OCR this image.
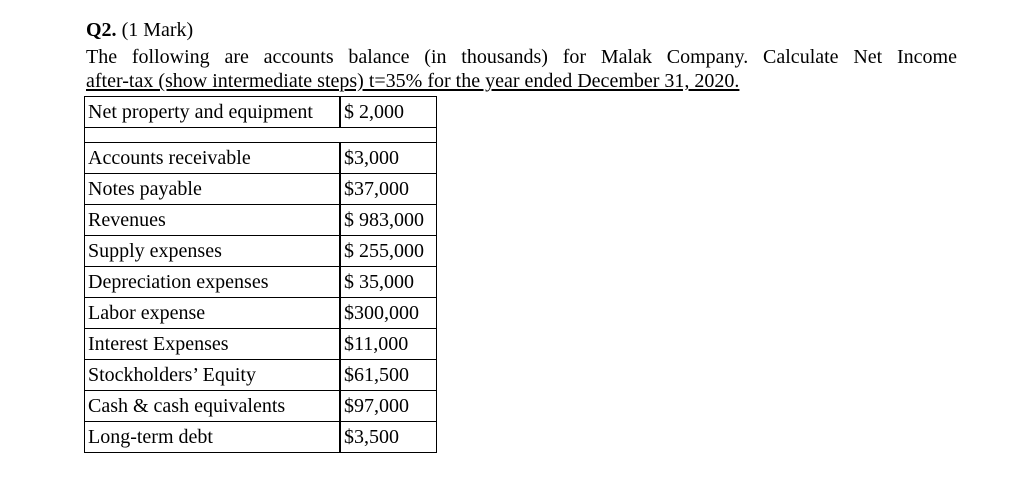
Q2. (1 Mark)
The following are accounts balance (in thousands) for Malak Company. Calculate Net Income
after-tax (show intermediate steps) t=35% for the year ended December 31, 2020.
Net property and equipment	$ 2,000

Accounts receivable	$3,000
Notes payable	$37,000
Revenues	$ 983,000
Supply expenses	$ 255,000
Depreciation expenses	$ 35,000
Labor expense	$300,000
Interest Expenses	$11,000
Stockholders’ Equity	$61,500
Cash & cash equivalents	$97,000
Long-term debt	$3,500
